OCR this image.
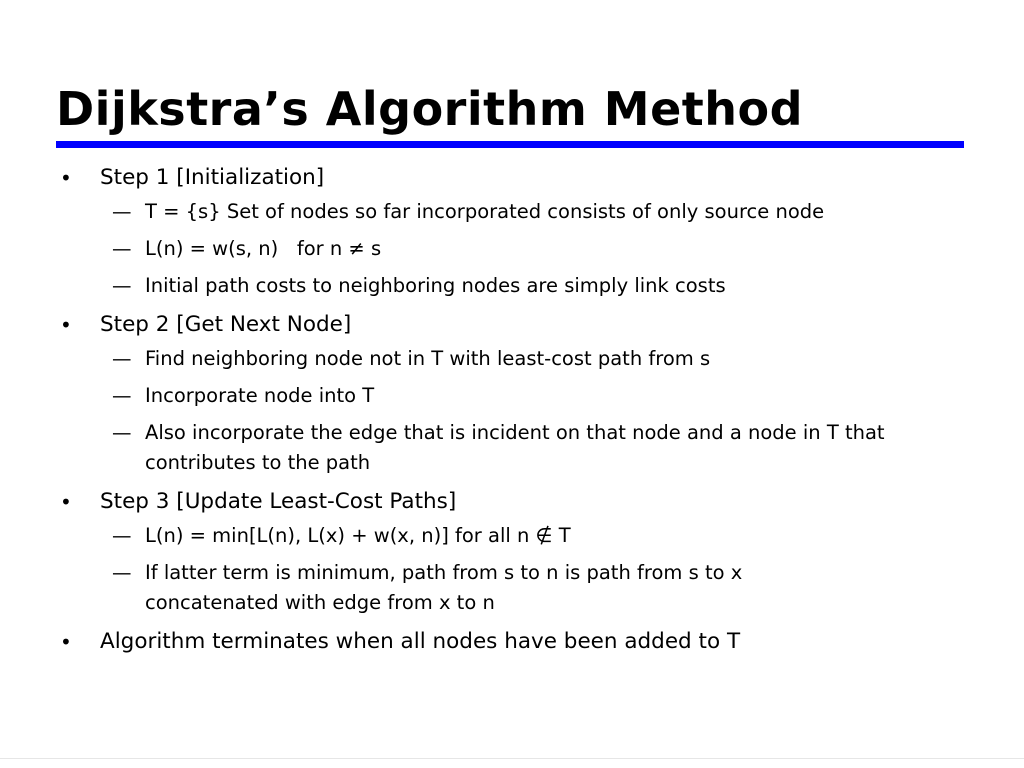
Dijkstra’s Algorithm Method
• Step 1 [Initialization]
— T = {s} Set of nodes so far incorporated consists of only source node
— L(n) = w(s, n)   for n ≠ s
— Initial path costs to neighboring nodes are simply link costs
• Step 2 [Get Next Node]
— Find neighboring node not in T with least-cost path from s
— Incorporate node into T
— Also incorporate the edge that is incident on that node and a node in T that contributes to the path
• Step 3 [Update Least-Cost Paths]
— L(n) = min[L(n), L(x) + w(x, n)] for all n ∉ T
— If latter term is minimum, path from s to n is path from s to x concatenated with edge from x to n
• Algorithm terminates when all nodes have been added to T
